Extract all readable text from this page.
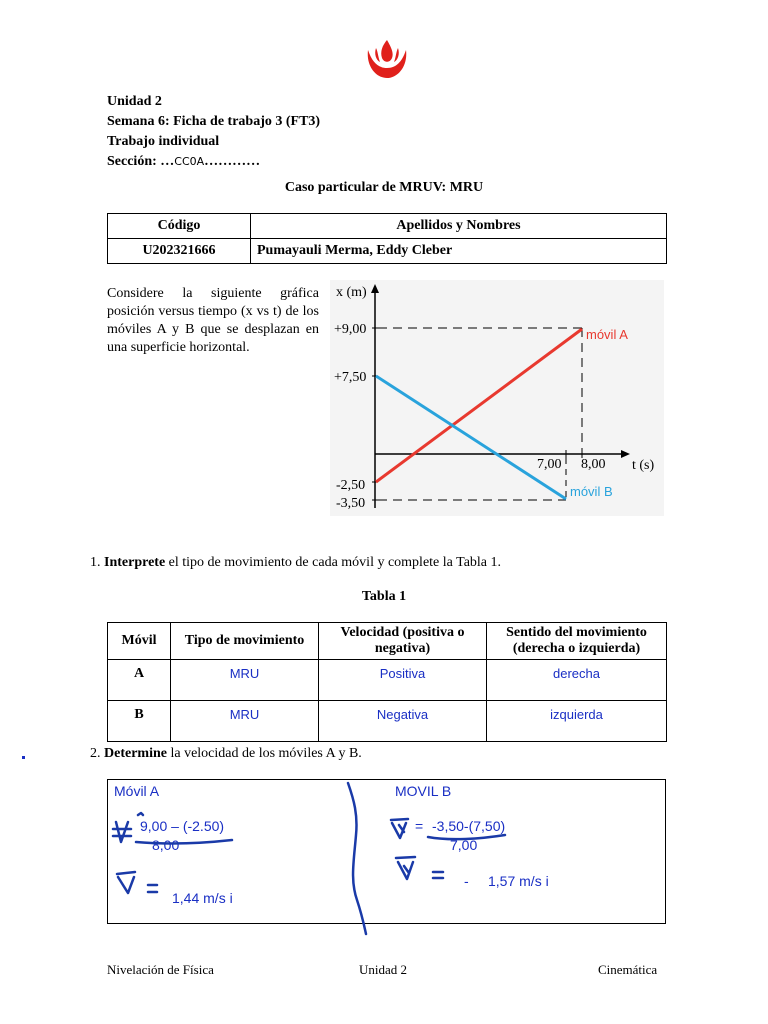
Unidad 2
Semana 6: Ficha de trabajo 3 (FT3)
Trabajo individual
Sección: …CC0A…………
Caso particular de MRUV: MRU
Código	Apellidos y Nombres
U202321666	Pumayauli Merma, Eddy Cleber
Considere la siguiente gráfica posición versus tiempo (x vs t) de los móviles A y B que se desplazan en una superficie horizontal.
x (m)
t (s)
+9,00
+7,50
-2,50
-3,50
7,00 8,00
móvil A
móvil B
1. Interprete el tipo de movimiento de cada móvil y complete la Tabla 1.
Tabla 1
Móvil	Tipo de movimiento	Velocidad (positiva o negativa)	Sentido del movimiento (derecha o izquierda)
A	MRU	Positiva	derecha
B	MRU	Negativa	izquierda
2. Determine la velocidad de los móviles A y B.
Móvil A
9,00 – (-2.50)
8,00
1,44 m/s i
MOVIL B
= -3,50-(7,50)
7,00
- 1,57 m/s i
Nivelación de Física	Unidad 2	Cinemática
